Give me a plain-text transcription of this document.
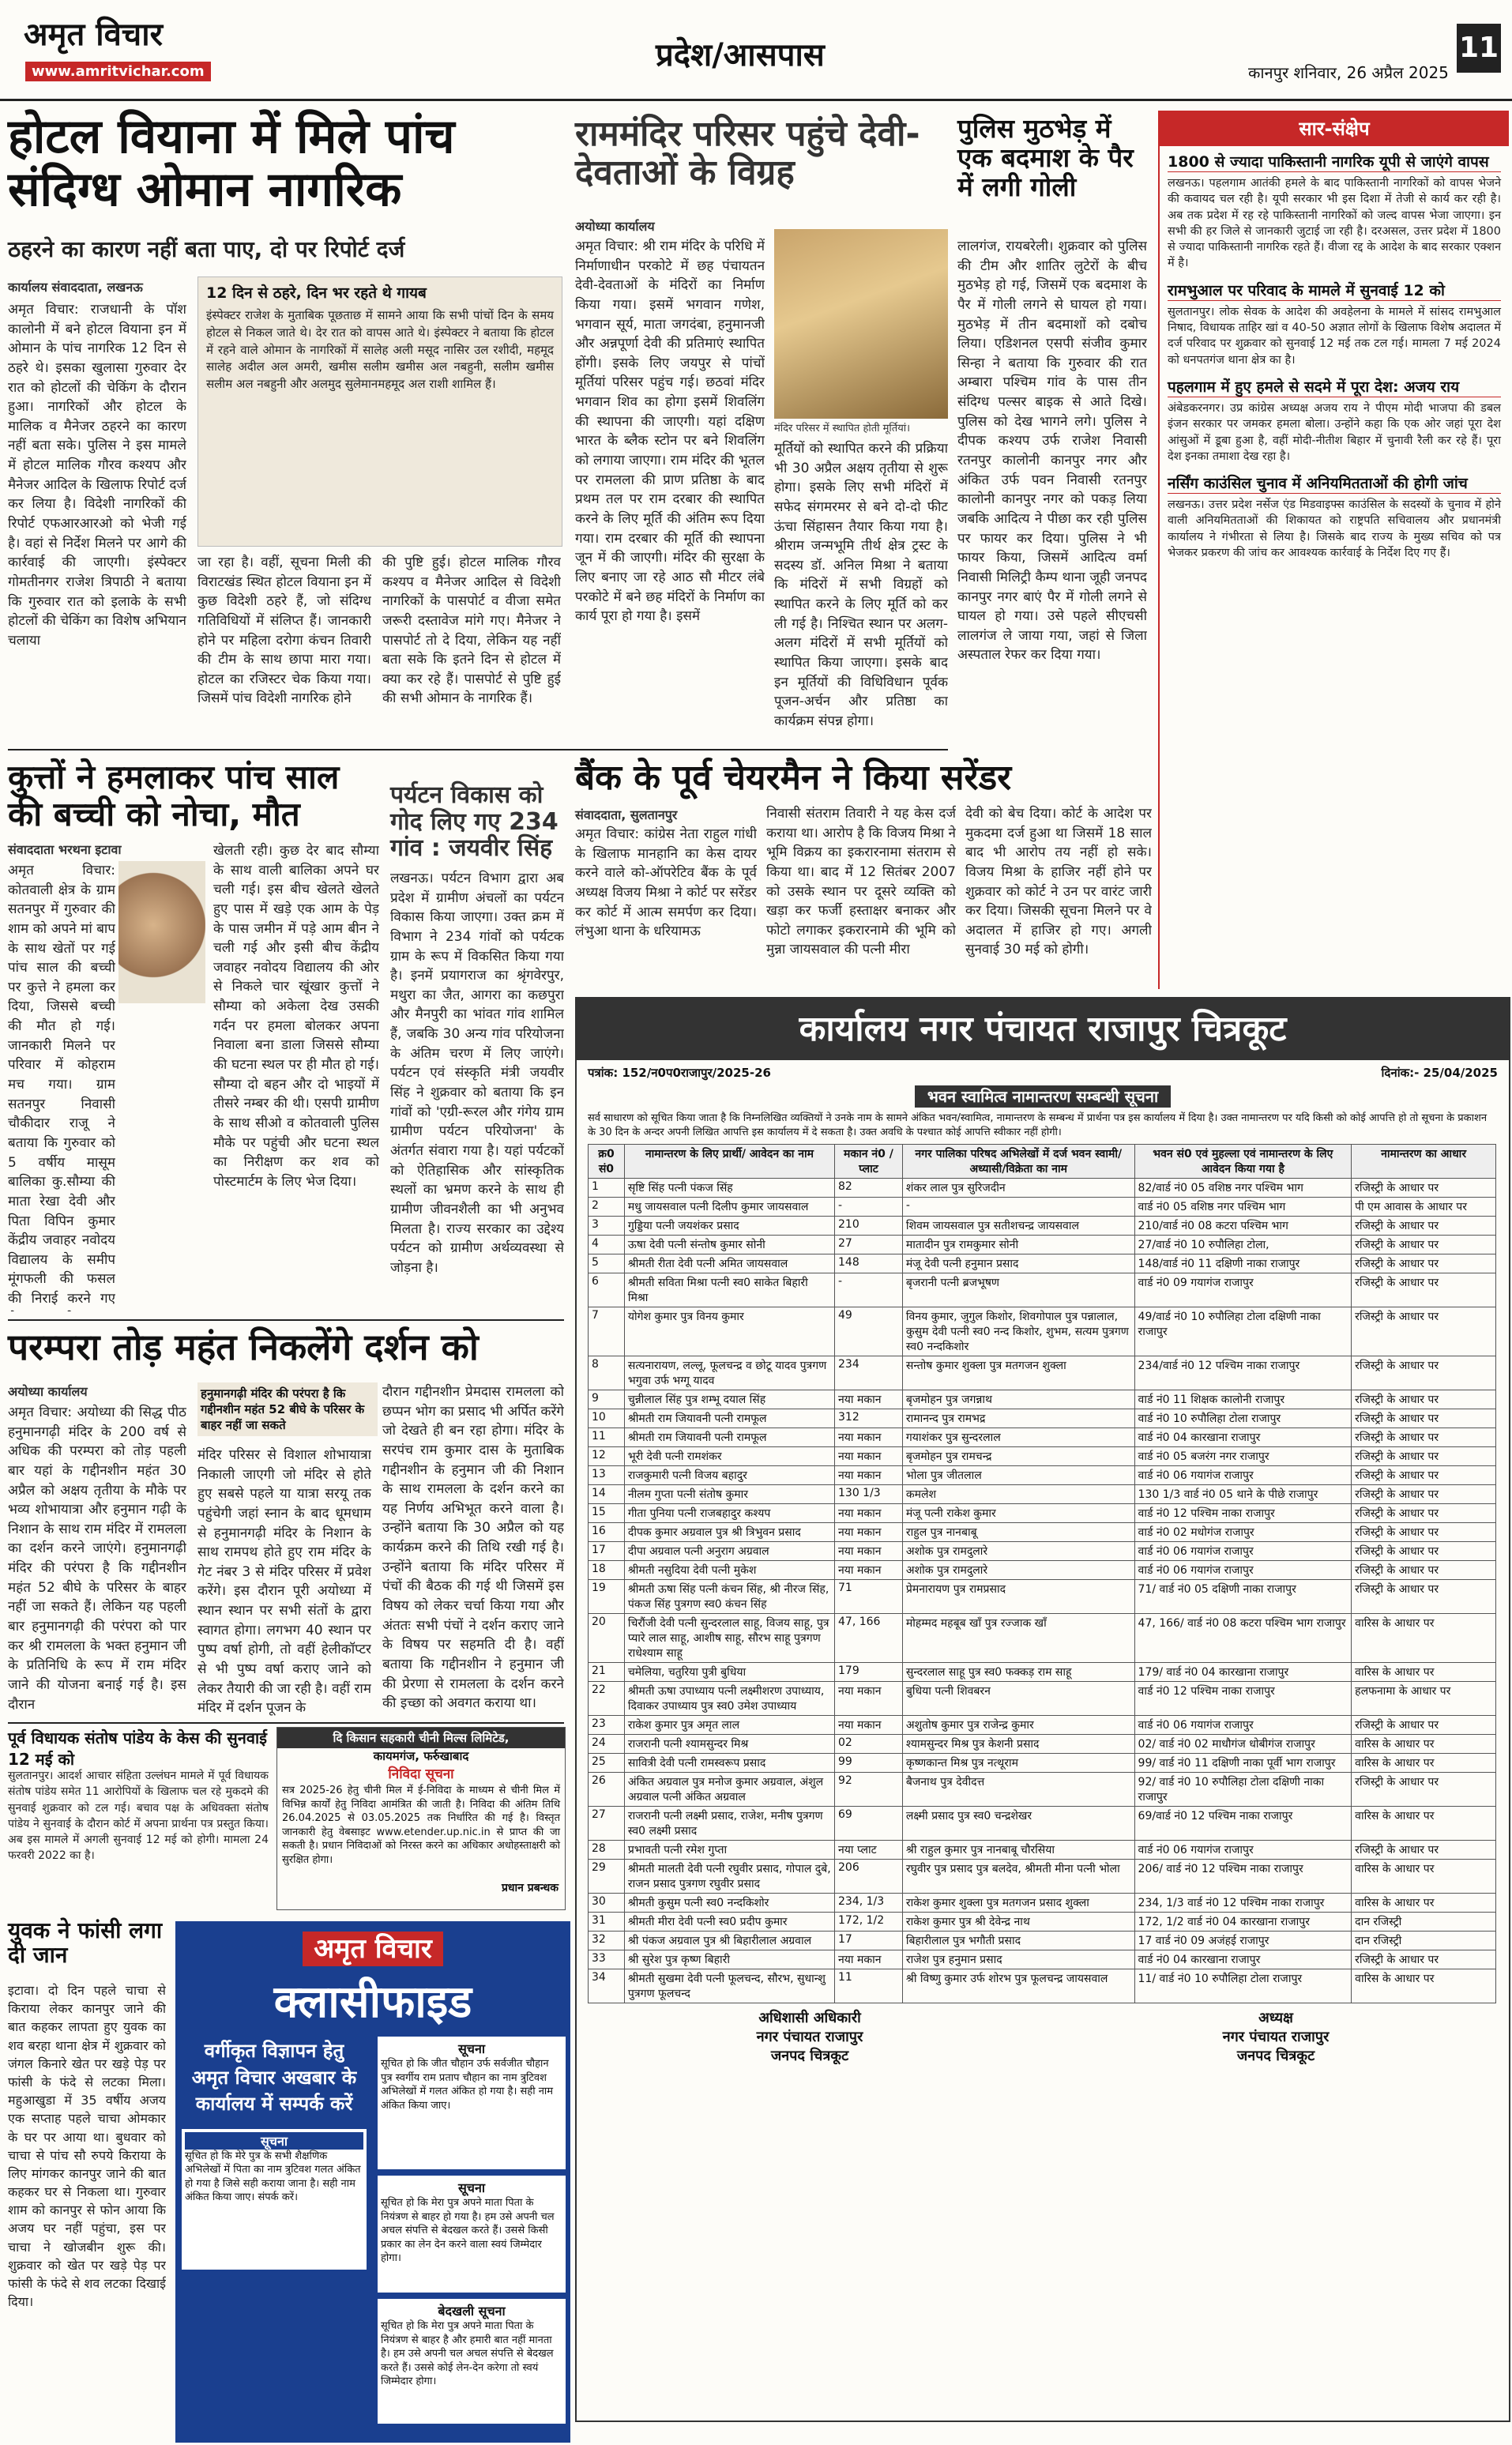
अमृत विचार
www.amritvichar.com	प्रदेश/आसपास	कानपुर शनिवार, 26 अप्रैल 2025
11
होटल वियाना में मिले पांच संदिग्ध ओमान नागरिक
ठहरने का कारण नहीं बता पाए, दो पर रिपोर्ट दर्ज
कार्यालय संवाददाता, लखनऊ
अमृत विचार: राजधानी के पॉश कालोनी में बने होटल वियाना इन में ओमान के पांच नागरिक 12 दिन से ठहरे थे। इसका खुलासा गुरुवार देर रात को होटलों की चेकिंग के दौरान हुआ। नागरिकों और होटल के मालिक व मैनेजर ठहरने का कारण नहीं बता सके। पुलिस ने इस मामले में होटल मालिक गौरव कश्यप और मैनेजर आदिल के खिलाफ रिपोर्ट दर्ज कर लिया है। विदेशी नागरिकों की रिपोर्ट एफआरआरओ को भेजी गई है। वहां से निर्देश मिलने पर आगे की कार्रवाई की जाएगी। इंस्पेक्टर गोमतीनगर राजेश त्रिपाठी ने बताया कि गुरुवार रात को इलाके के सभी होटलों की चेकिंग का विशेष अभियान चलाया
12 दिन से ठहरे, दिन भर रहते थे गायब
इंस्पेक्टर राजेश के मुताबिक पूछताछ में सामने आया कि सभी पांचों दिन के समय होटल से निकल जाते थे। देर रात को वापस आते थे। इंस्पेक्टर ने बताया कि होटल में रहने वाले ओमान के नागरिकों में सालेह अली मसूद नासिर उल रशीदी, महमूद सालेह अदील अल अमरी, खमीस सलीम खमीस अल नबहुनी, सलीम खमीस सलीम अल नबहुनी और अलमुद सुलेमानमहमूद अल राशी शामिल हैं।
जा रहा है। वहीं, सूचना मिली की विराटखंड स्थित होटल वियाना इन में कुछ विदेशी ठहरे हैं, जो संदिग्ध गतिविधियों में संलिप्त हैं। जानकारी होने पर महिला दरोगा कंचन तिवारी की टीम के साथ छापा मारा गया। होटल का रजिस्टर चेक किया गया। जिसमें पांच विदेशी नागरिक होने
की पुष्टि हुई। होटल मालिक गौरव कश्यप व मैनेजर आदिल से विदेशी नागरिकों के पासपोर्ट व वीजा समेत जरूरी दस्तावेज मांगे गए। मैनेजर ने पासपोर्ट तो दे दिया, लेकिन यह नहीं बता सके कि इतने दिन से होटल में क्या कर रहे हैं। पासपोर्ट से पुष्टि हुई की सभी ओमान के नागरिक हैं।
राममंदिर परिसर पहुंचे देवी-देवताओं के विग्रह
अयोध्या कार्यालय
अमृत विचार: श्री राम मंदिर के परिधि में निर्माणाधीन परकोटे में छह पंचायतन देवी-देवताओं के मंदिरों का निर्माण किया गया। इसमें भगवान गणेश, भगवान सूर्य, माता जगदंबा, हनुमानजी और अन्नपूर्णा देवी की प्रतिमाएं स्थापित होंगी। इसके लिए जयपुर से पांचों मूर्तियां परिसर पहुंच गई। छठवां मंदिर भगवान शिव का होगा इसमें शिवलिंग की स्थापना की जाएगी। यहां दक्षिण भारत के ब्लैक स्टोन पर बने शिवलिंग को लगाया जाएगा। राम मंदिर की भूतल पर रामलला की प्राण प्रतिष्ठा के बाद प्रथम तल पर राम दरबार की स्थापित करने के लिए मूर्ति की अंतिम रूप दिया गया। राम दरबार की मूर्ति की स्थापना जून में की जाएगी। मंदिर की सुरक्षा के लिए बनाए जा रहे आठ सौ मीटर लंबे परकोटे में बने छह मंदिरों के निर्माण का कार्य पूरा हो गया है। इसमें
मंदिर परिसर में स्थापित होती मूर्तियां।
मूर्तियों को स्थापित करने की प्रक्रिया भी 30 अप्रैल अक्षय तृतीया से शुरू होगा। इसके लिए सभी मंदिरों में सफेद संगमरमर से बने दो-दो फीट ऊंचा सिंहासन तैयार किया गया है। श्रीराम जन्मभूमि तीर्थ क्षेत्र ट्रस्ट के सदस्य डॉ. अनिल मिश्रा ने बताया कि मंदिरों में सभी विग्रहों को स्थापित करने के लिए मूर्ति को कर ली गई है। निश्चित स्थान पर अलग-अलग मंदिरों में सभी मूर्तियों को स्थापित किया जाएगा। इसके बाद इन मूर्तियों की विधिविधान पूर्वक पूजन-अर्चन और प्रतिष्ठा का कार्यक्रम संपन्न होगा।
पुलिस मुठभेड़ में एक बदमाश के पैर में लगी गोली
लालगंज, रायबरेली। शुक्रवार को पुलिस की टीम और शातिर लुटेरों के बीच मुठभेड़ हो गई, जिसमें एक बदमाश के पैर में गोली लगने से घायल हो गया। मुठभेड़ में तीन बदमाशों को दबोच लिया। एडिशनल एसपी संजीव कुमार सिन्हा ने बताया कि गुरुवार की रात अम्बारा पश्चिम गांव के पास तीन संदिग्ध पल्सर बाइक से आते दिखे। पुलिस को देख भागने लगे। पुलिस ने दीपक कश्यप उर्फ राजेश निवासी रतनपुर कालोनी कानपुर नगर और अंकित उर्फ पवन निवासी रतनपुर कालोनी कानपुर नगर को पकड़ लिया जबकि आदित्य ने पीछा कर रही पुलिस पर फायर कर दिया। पुलिस ने भी फायर किया, जिसमें आदित्य वर्मा निवासी मिलिट्री कैम्प थाना जूही जनपद कानपुर नगर बाएं पैर में गोली लगने से घायल हो गया। उसे पहले सीएचसी लालगंज ले जाया गया, जहां से जिला अस्पताल रेफर कर दिया गया।
सार-संक्षेप
1800 से ज्यादा पाकिस्तानी नागरिक यूपी से जाएंगे वापस
लखनऊ। पहलगाम आतंकी हमले के बाद पाकिस्तानी नागरिकों को वापस भेजने की कवायद चल रही है। यूपी सरकार भी इस दिशा में तेजी से कार्य कर रही है। अब तक प्रदेश में रह रहे पाकिस्तानी नागरिकों को जल्द वापस भेजा जाएगा। इन सभी की हर जिले से जानकारी जुटाई जा रही है। दरअसल, उत्तर प्रदेश में 1800 से ज्यादा पाकिस्तानी नागरिक रहते हैं। वीजा रद्द के आदेश के बाद सरकार एक्शन में है।
रामभुआल पर परिवाद के मामले में सुनवाई 12 को
सुलतानपुर। लोक सेवक के आदेश की अवहेलना के मामले में सांसद रामभुआल निषाद, विधायक ताहिर खां व 40-50 अज्ञात लोगों के खिलाफ विशेष अदालत में दर्ज परिवाद पर शुक्रवार को सुनवाई 12 मई तक टल गई। मामला 7 मई 2024 को धनपतगंज थाना क्षेत्र का है।
पहलगाम में हुए हमले से सदमे में पूरा देश: अजय राय
अंबेडकरनगर। उप्र कांग्रेस अध्यक्ष अजय राय ने पीएम मोदी भाजपा की डबल इंजन सरकार पर जमकर हमला बोला। उन्होंने कहा कि एक ओर जहां पूरा देश आंसुओं में डूबा हुआ है, वहीं मोदी-नीतीश बिहार में चुनावी रैली कर रहे हैं। पूरा देश इनका तमाशा देख रहा है।
नर्सिंग काउंसिल चुनाव में अनियमितताओं की होगी जांच
लखनऊ। उत्तर प्रदेश नर्सेज एंड मिडवाइफ्स काउंसिल के सदस्यों के चुनाव में होने वाली अनियमितताओं की शिकायत को राष्ट्रपति सचिवालय और प्रधानमंत्री कार्यालय ने गंभीरता से लिया है। जिसके बाद राज्य के मुख्य सचिव को पत्र भेजकर प्रकरण की जांच कर आवश्यक कार्रवाई के निर्देश दिए गए हैं।
कुत्तों ने हमलाकर पांच साल की बच्ची को नोचा, मौत
संवाददाता भरथना इटावा
अमृत विचार: कोतवाली क्षेत्र के ग्राम सतनपुर में गुरुवार की शाम को अपने मां बाप के साथ खेतों पर गई पांच साल की बच्ची पर कुत्ते ने हमला कर दिया, जिससे बच्ची की मौत हो गई। जानकारी मिलने पर परिवार में कोहराम मच गया। ग्राम सतनपुर निवासी चौकीदार राजू ने बताया कि गुरुवार को 5 वर्षीय मासूम बालिका कु.सौम्या की माता रेखा देवी और पिता विपिन कुमार केंद्रीय जवाहर नवोदय विद्यालय के समीप मूंगफली की फसल की निराई करने गए
खेलती रही। कुछ देर बाद सौम्या के साथ वाली बालिका अपने घर चली गई। इस बीच खेलते खेलते हुए पास में खड़े एक आम के पेड़ के पास जमीन में पड़े आम बीन ने चली गई और इसी बीच केंद्रीय जवाहर नवोदय विद्यालय की ओर से निकले चार खूंखार कुत्तों ने सौम्या को अकेला देख उसकी गर्दन पर हमला बोलकर अपना निवाला बना डाला जिससे सौम्या की घटना स्थल पर ही मौत हो गई। सौम्या दो बहन और दो भाइयों में तीसरे नम्बर की थी। एसपी ग्रामीण के साथ सीओ व कोतवाली पुलिस मौके पर पहुंची और घटना स्थल का निरीक्षण कर शव को पोस्टमार्टम के लिए भेज दिया।
पर्यटन विकास को गोद लिए गए 234 गांव : जयवीर सिंह
लखनऊ। पर्यटन विभाग द्वारा अब प्रदेश में ग्रामीण अंचलों का पर्यटन विकास किया जाएगा। उक्त क्रम में विभाग ने 234 गांवों को पर्यटक ग्राम के रूप में विकसित किया गया है। इनमें प्रयागराज का श्रृंगवेरपुर, मथुरा का जैत, आगरा का कछपुरा और मैनपुरी का भांवत गांव शामिल हैं, जबकि 30 अन्य गांव परियोजना के अंतिम चरण में लिए जाएंगे। पर्यटन एवं संस्कृति मंत्री जयवीर सिंह ने शुक्रवार को बताया कि इन गांवों को 'एग्री-रूरल और गंगेय ग्राम ग्रामीण पर्यटन परियोजना' के अंतर्गत संवारा गया है। यहां पर्यटकों को ऐतिहासिक और सांस्कृतिक स्थलों का भ्रमण करने के साथ ही ग्रामीण जीवनशैली का भी अनुभव मिलता है। राज्य सरकार का उद्देश्य पर्यटन को ग्रामीण अर्थव्यवस्था से जोड़ना है।
बैंक के पूर्व चेयरमैन ने किया सरेंडर
संवाददाता, सुलतानपुर
अमृत विचार: कांग्रेस नेता राहुल गांधी के खिलाफ मानहानि का केस दायर करने वाले को-ऑपरेटिव बैंक के पूर्व अध्यक्ष विजय मिश्रा ने कोर्ट पर सरेंडर कर कोर्ट में आत्म समर्पण कर दिया। लंभुआ थाना के धरियामऊ
निवासी संतराम तिवारी ने यह केस दर्ज कराया था। आरोप है कि विजय मिश्रा ने भूमि विक्रय का इकरारनामा संतराम से किया था। बाद में 12 सितंबर 2007 को उसके स्थान पर दूसरे व्यक्ति को खड़ा कर फर्जी हस्ताक्षर बनाकर और फोटो लगाकर इकरारनामे की भूमि को मुन्ना जायसवाल की पत्नी मीरा
देवी को बेच दिया। कोर्ट के आदेश पर मुकदमा दर्ज हुआ था जिसमें 18 साल बाद भी आरोप तय नहीं हो सके। विजय मिश्रा के हाजिर नहीं होने पर शुक्रवार को कोर्ट ने उन पर वारंट जारी कर दिया। जिसकी सूचना मिलने पर वे अदालत में हाजिर हो गए। अगली सुनवाई 30 मई को होगी।
परम्परा तोड़ महंत निकलेंगे दर्शन को
अयोध्या कार्यालय
अमृत विचार: अयोध्या की सिद्ध पीठ हनुमानगढ़ी मंदिर के 200 वर्ष से अधिक की परम्परा को तोड़ पहली बार यहां के गद्दीनशीन महंत 30 अप्रैल को अक्षय तृतीया के मौके पर भव्य शोभायात्रा और हनुमान गढ़ी के निशान के साथ राम मंदिर में रामलला का दर्शन करने जाएंगे। हनुमानगढ़ी मंदिर की परंपरा है कि गद्दीनशीन महंत 52 बीघे के परिसर के बाहर नहीं जा सकते हैं। लेकिन यह पहली बार हनुमानगढ़ी की परंपरा को पार कर श्री रामलला के भक्त हनुमान जी के प्रतिनिधि के रूप में राम मंदिर जाने की योजना बनाई गई है। इस दौरान
हनुमानगढ़ी मंदिर की परंपरा है कि गद्दीनशीन महंत 52 बीघे के परिसर के बाहर नहीं जा सकते
मंदिर परिसर से विशाल शोभायात्रा निकाली जाएगी जो मंदिर से होते हुए सबसे पहले या यात्रा सरयू तक पहुंचेगी जहां स्नान के बाद धूमधाम से हनुमानगढ़ी मंदिर के निशान के साथ रामपथ होते हुए राम मंदिर के गेट नंबर 3 से मंदिर परिसर में प्रवेश करेंगे। इस दौरान पूरी अयोध्या में स्थान स्थान पर सभी संतों के द्वारा स्वागत होगा। लगभग 40 स्थान पर पुष्प वर्षा होगी, तो वहीं हेलीकॉप्टर से भी पुष्प वर्षा कराए जाने को लेकर तैयारी की जा रही है। वहीं राम मंदिर में दर्शन पूजन के
दौरान गद्दीनशीन प्रेमदास रामलला को छप्पन भोग का प्रसाद भी अर्पित करेंगे जो देखते ही बन रहा होगा। मंदिर के सरपंच राम कुमार दास के मुताबिक गद्दीनशीन के हनुमान जी की निशान के साथ रामलला के दर्शन करने का यह निर्णय अभिभूत करने वाला है। उन्होंने बताया कि 30 अप्रैल को यह कार्यक्रम करने की तिथि रखी गई है। उन्होंने बताया कि मंदिर परिसर में पंचों की बैठक की गई थी जिसमें इस विषय को लेकर चर्चा किया गया और अंततः सभी पंचों ने दर्शन कराए जाने के विषय पर सहमति दी है। वहीं बताया कि गद्दीनशीन ने हनुमान जी की प्रेरणा से रामलला के दर्शन करने की इच्छा को अवगत कराया था।
पूर्व विधायक संतोष पांडेय के केस की सुनवाई 12 मई को
सुलतानपुर। आदर्श आचार संहिता उल्लंघन मामले में पूर्व विधायक संतोष पांडेय समेत 11 आरोपियों के खिलाफ चल रहे मुकदमे की सुनवाई शुक्रवार को टल गई। बचाव पक्ष के अधिवक्ता संतोष पांडेय ने सुनवाई के दौरान कोर्ट में अपना प्रार्थना पत्र प्रस्तुत किया। अब इस मामले में अगली सुनवाई 12 मई को होगी। मामला 24 फरवरी 2022 का है।
दि किसान सहकारी चीनी मिल्स लिमिटेड,
कायमगंज, फर्रुखाबाद
निविदा सूचना
सत्र 2025-26 हेतु चीनी मिल में ई-निविदा के माध्यम से चीनी मिल में विभिन्न कार्यों हेतु निविदा आमंत्रित की जाती है। निविदा की अंतिम तिथि 26.04.2025 से 03.05.2025 तक निर्धारित की गई है। विस्तृत जानकारी हेतु वेबसाइट www.etender.up.nic.in से प्राप्त की जा सकती है। प्रधान निविदाओं को निरस्त करने का अधिकार अधोहस्ताक्षरी को सुरक्षित होगा।
प्रधान प्रबन्धक
युवक ने फांसी लगा दी जान
इटावा। दो दिन पहले चाचा से किराया लेकर कानपुर जाने की बात कहकर लापता हुए युवक का शव बरहा थाना क्षेत्र में शुक्रवार को जंगल किनारे खेत पर खड़े पेड़ पर फांसी के फंदे से लटका मिला। महुआखुडा में 35 वर्षीय अजय एक सप्ताह पहले चाचा ओमकार के घर पर आया था। बुधवार को चाचा से पांच सौ रुपये किराया के लिए मांगकर कानपुर जाने की बात कहकर घर से निकला था। गुरुवार शाम को कानपुर से फोन आया कि अजय घर नहीं पहुंचा, इस पर चाचा ने खोजबीन शुरू की। शुक्रवार को खेत पर खड़े पेड़ पर फांसी के फंदे से शव लटका दिखाई दिया।
अमृत विचार
क्लासीफाइड
वर्गीकृत विज्ञापन हेतु अमृत विचार अखबार के कार्यालय में सम्पर्क करें
सूचना
सूचित हो कि मेरे पुत्र के सभी शैक्षणिक अभिलेखों में पिता का नाम त्रुटिवश गलत अंकित हो गया है जिसे सही कराया जाना है। सही नाम अंकित किया जाए। संपर्क करें।
सूचना
सूचित हो कि जीत चौहान उर्फ सर्वजीत चौहान पुत्र स्वर्गीय राम प्रताप चौहान का नाम त्रुटिवश अभिलेखों में गलत अंकित हो गया है। सही नाम अंकित किया जाए।
सूचना
सूचित हो कि मेरा पुत्र अपने माता पिता के नियंत्रण से बाहर हो गया है। हम उसे अपनी चल अचल संपत्ति से बेदखल करते हैं। उससे किसी प्रकार का लेन देन करने वाला स्वयं जिम्मेदार होगा।
बेदखली सूचना
सूचित हो कि मेरा पुत्र अपने माता पिता के नियंत्रण से बाहर है और हमारी बात नहीं मानता है। हम उसे अपनी चल अचल संपत्ति से बेदखल करते हैं। उससे कोई लेन-देन करेगा तो स्वयं जिम्मेदार होगा।
कार्यालय नगर पंचायत राजापुर चित्रकूट
पत्रांक: 152/न0प0राजापुर/2025-26	दिनांक:- 25/04/2025
भवन स्वामित्व नामान्तरण सम्बन्धी सूचना
सर्व साधारण को सूचित किया जाता है कि निम्नलिखित व्यक्तियों ने उनके नाम के सामने अंकित भवन/स्वामित्व, नामान्तरण के सम्बन्ध में प्रार्थना पत्र इस कार्यालय में दिया है। उक्त नामान्तरण पर यदि किसी को कोई आपत्ति हो तो सूचना के प्रकाशन के 30 दिन के अन्दर अपनी लिखित आपत्ति इस कार्यालय में दे सकता है। उक्त अवधि के पश्चात कोई आपत्ति स्वीकार नहीं होगी।
क्र0 सं0	नामान्तरण के लिए प्रार्थी/ आवेदन का नाम	मकान नं0 /प्लाट	नगर पालिका परिषद अभिलेखों में दर्ज भवन स्वामी/अध्यासी/विक्रेता का नाम	भवन सं0 एवं मुहल्ला एवं नामान्तरण के लिए आवेदन किया गया है	नामान्तरण का आधार
1	सृष्टि सिंह पत्नी पंकज सिंह	82	शंकर लाल पुत्र सुरिजदीन	82/वार्ड नं0 05 वशिष्ठ नगर पश्चिम भाग	रजिस्ट्री के आधार पर
2	मधु जायसवाल पत्नी दिलीप कुमार जायसवाल	-	-	वार्ड नं0 05 वशिष्ठ नगर पश्चिम भाग	पी एम आवास के आधार पर
3	गुड्डिया पत्नी जयशंकर प्रसाद	210	शिवम जायसवाल पुत्र सतीशचन्द्र जायसवाल	210/वार्ड नं0 08 कटरा पश्चिम भाग	रजिस्ट्री के आधार पर
4	ऊषा देवी पत्नी संन्तोष कुमार सोनी	27	मातादीन पुत्र रामकुमार सोनी	27/वार्ड नं0 10 रुपौलिहा टोला,	रजिस्ट्री के आधार पर
5	श्रीमती रीता देवी पत्नी अमित जायसवाल	148	मंजू देवी पत्नी हनुमान प्रसाद	148/वार्ड नं0 11 दक्षिणी नाका राजापुर	रजिस्ट्री के आधार पर
6	श्रीमती सविता मिश्रा पत्नी स्व0 साकेत बिहारी मिश्रा	-	बृजरानी पत्नी ब्रजभूषण	वार्ड नं0 09 गयागंज राजापुर	रजिस्ट्री के आधार पर
7	योगेश कुमार पुत्र विनय कुमार	49	विनय कुमार, जुगुल किशोर, शिवगोपाल पुत्र पन्नालाल, कुसुम देवी पत्नी स्व0 नन्द किशोर, शुभम, सत्यम पुत्रगण स्व0 नन्दकिशोर	49/वार्ड नं0 10 रुपौलिहा टोला दक्षिणी नाका राजापुर	रजिस्ट्री के आधार पर
8	सत्यनारायण, लल्लू, फूलचन्द्र व छोटू यादव पुत्रगण भगुवा उर्फ भग्गू यादव	234	सन्तोष कुमार शुक्ला पुत्र मतगजन शुक्ला	234/वार्ड नं0 12 पश्चिम नाका राजापुर	रजिस्ट्री के आधार पर
9	चुन्नीलाल सिंह पुत्र शम्भू दयाल सिंह	नया मकान	बृजमोहन पुत्र जगन्नाथ	वार्ड नं0 11 शिक्षक कालोनी राजापुर	रजिस्ट्री के आधार पर
10	श्रीमती राम जियावनी पत्नी रामफूल	312	रामानन्द पुत्र रामभद्र	वार्ड नं0 10 रुपौलिहा टोला राजापुर	रजिस्ट्री के आधार पर
11	श्रीमती राम जियावनी पत्नी रामफूल	नया मकान	गयाशंकर पुत्र सुन्दरलाल	वार्ड नं0 04 कारखाना राजापुर	रजिस्ट्री के आधार पर
12	भूरी देवी पत्नी रामशंकर	नया मकान	बृजमोहन पुत्र रामचन्द्र	वार्ड नं0 05 बजरंग नगर राजापुर	रजिस्ट्री के आधार पर
13	राजकुमारी पत्नी विजय बहादुर	नया मकान	भोला पुत्र जीतलाल	वार्ड नं0 06 गयागंज राजापुर	रजिस्ट्री के आधार पर
14	नीलम गुप्ता पत्नी संतोष कुमार	130 1/3	कमलेश	130 1/3 वार्ड नं0 05 थाने के पीछे राजापुर	रजिस्ट्री के आधार पर
15	गीता पुनिया पत्नी राजबहादुर कश्यप	नया मकान	मंजू पत्नी राकेश कुमार	वार्ड नं0 12 पश्चिम नाका राजापुर	रजिस्ट्री के आधार पर
16	दीपक कुमार अग्रवाल पुत्र श्री त्रिभुवन प्रसाद	नया मकान	राहुल पुत्र नानबाबू	वार्ड नं0 02 मधोगंज राजापुर	रजिस्ट्री के आधार पर
17	दीपा अग्रवाल पत्नी अनुराग अग्रवाल	नया मकान	अशोक पुत्र रामदुलारे	वार्ड नं0 06 गयागंज राजापुर	रजिस्ट्री के आधार पर
18	श्रीमती नसुदिया देवी पत्नी मुकेश	नया मकान	अशोक पुत्र रामदुलारे	वार्ड नं0 06 गयागंज राजापुर	रजिस्ट्री के आधार पर
19	श्रीमती ऊषा सिंह पत्नी कंचन सिंह, श्री नीरज सिंह, पंकज सिंह पुत्रगण स्व0 कंचन सिंह	71	प्रेमनारायण पुत्र रामप्रसाद	71/ वार्ड नं0 05 दक्षिणी नाका राजापुर	रजिस्ट्री के आधार पर
20	चिरौंजी देवी पत्नी सुन्दरलाल साहू, विजय साहू, पुत्र प्यारे लाल साहू, आशीष साहू, सौरभ साहू पुत्रगण राधेश्याम साहू	47, 166	मोहम्मद महबूब खाँ पुत्र रज्जाक खाँ	47, 166/ वार्ड नं0 08 कटरा पश्चिम भाग राजापुर	वारिस के आधार पर
21	चमेलिया, चतुरिया पुत्री बुधिया	179	सुन्दरलाल साहू पुत्र स्व0 फक्कड़ राम साहू	179/ वार्ड नं0 04 कारखाना राजापुर	वारिस के आधार पर
22	श्रीमती ऊषा उपाध्याय पत्नी लक्ष्मीशरण उपाध्याय, दिवाकर उपाध्याय पुत्र स्व0 उमेश उपाध्याय	नया मकान	बुधिया पत्नी शिवबरन	वार्ड नं0 12 पश्चिम नाका राजापुर	हलफनामा के आधार पर
23	राकेश कुमार पुत्र अमृत लाल	नया मकान	अशुतोष कुमार पुत्र राजेन्द्र कुमार	वार्ड नं0 06 गयागंज राजापुर	रजिस्ट्री के आधार पर
24	राजरानी पत्नी श्यामसुन्दर मिश्र	02	श्यामसुन्दर मिश्र पुत्र केशनी प्रसाद	02/ वार्ड नं0 02 माधौगंज धोबीगंज राजापुर	वारिस के आधार पर
25	सावित्री देवी पत्नी रामस्वरूप प्रसाद	99	कृष्णकान्त मिश्र पुत्र नत्थूराम	99/ वार्ड नं0 11 दक्षिणी नाका पूर्वी भाग राजापुर	वारिस के आधार पर
26	अंकित अग्रवाल पुत्र मनोज कुमार अग्रवाल, अंशुल अग्रवाल पत्नी अंकित अग्रवाल	92	बैजनाथ पुत्र देवीदत्त	92/ वार्ड नं0 10 रुपौलिहा टोला दक्षिणी नाका राजापुर	रजिस्ट्री के आधार पर
27	राजरानी पत्नी लक्ष्मी प्रसाद, राजेश, मनीष पुत्रगण स्व0 लक्ष्मी प्रसाद	69	लक्ष्मी प्रसाद पुत्र स्व0 चन्द्रशेखर	69/वार्ड नं0 12 पश्चिम नाका राजापुर	वारिस के आधार पर
28	प्रभावती पत्नी रमेश गुप्ता	नया प्लाट	श्री राहुल कुमार पुत्र नानबाबू चौरसिया	वार्ड नं0 06 गयागंज राजापुर	रजिस्ट्री के आधार पर
29	श्रीमती मालती देवी पत्नी रघुवीर प्रसाद, गोपाल दुबे, राजन प्रसाद पुत्रगण रघुवीर प्रसाद	206	रघुवीर पुत्र प्रसाद पुत्र बलदेव, श्रीमती मीना पत्नी भोला	206/ वार्ड नं0 12 पश्चिम नाका राजापुर	वारिस के आधार पर
30	श्रीमती कुसुम पत्नी स्व0 नन्दकिशोर	234, 1/3	राकेश कुमार शुक्ला पुत्र मतगजन प्रसाद शुक्ला	234, 1/3 वार्ड नं0 12 पश्चिम नाका राजापुर	वारिस के आधार पर
31	श्रीमती मीरा देवी पत्नी स्व0 प्रदीप कुमार	172, 1/2	राकेश कुमार पुत्र श्री देवेन्द्र नाथ	172, 1/2 वार्ड नं0 04 कारखाना राजापुर	दान रजिस्ट्री
32	श्री पंकज अग्रवाल पुत्र श्री बिहारीलाल अग्रवाल	17	बिहारीलाल पुत्र भगौती प्रसाद	17 वार्ड नं0 09 अजंहई राजापुर	दान रजिस्ट्री
33	श्री सुरेश पुत्र कृष्ण बिहारी	नया मकान	राजेश पुत्र हनुमान प्रसाद	वार्ड नं0 04 कारखाना राजापुर	रजिस्ट्री के आधार पर
34	श्रीमती सुखमा देवी पत्नी फूलचन्द, सौरभ, सुधान्शु पुत्रगण फूलचन्द	11	श्री विष्णु कुमार उर्फ शोरभ पुत्र फूलचन्द्र जायसवाल	11/ वार्ड नं0 10 रुपौलिहा टोला राजापुर	वारिस के आधार पर
अधिशासी अधिकारी
नगर पंचायत राजापुर
जनपद चित्रकूट
अध्यक्ष
नगर पंचायत राजापुर
जनपद चित्रकूट
